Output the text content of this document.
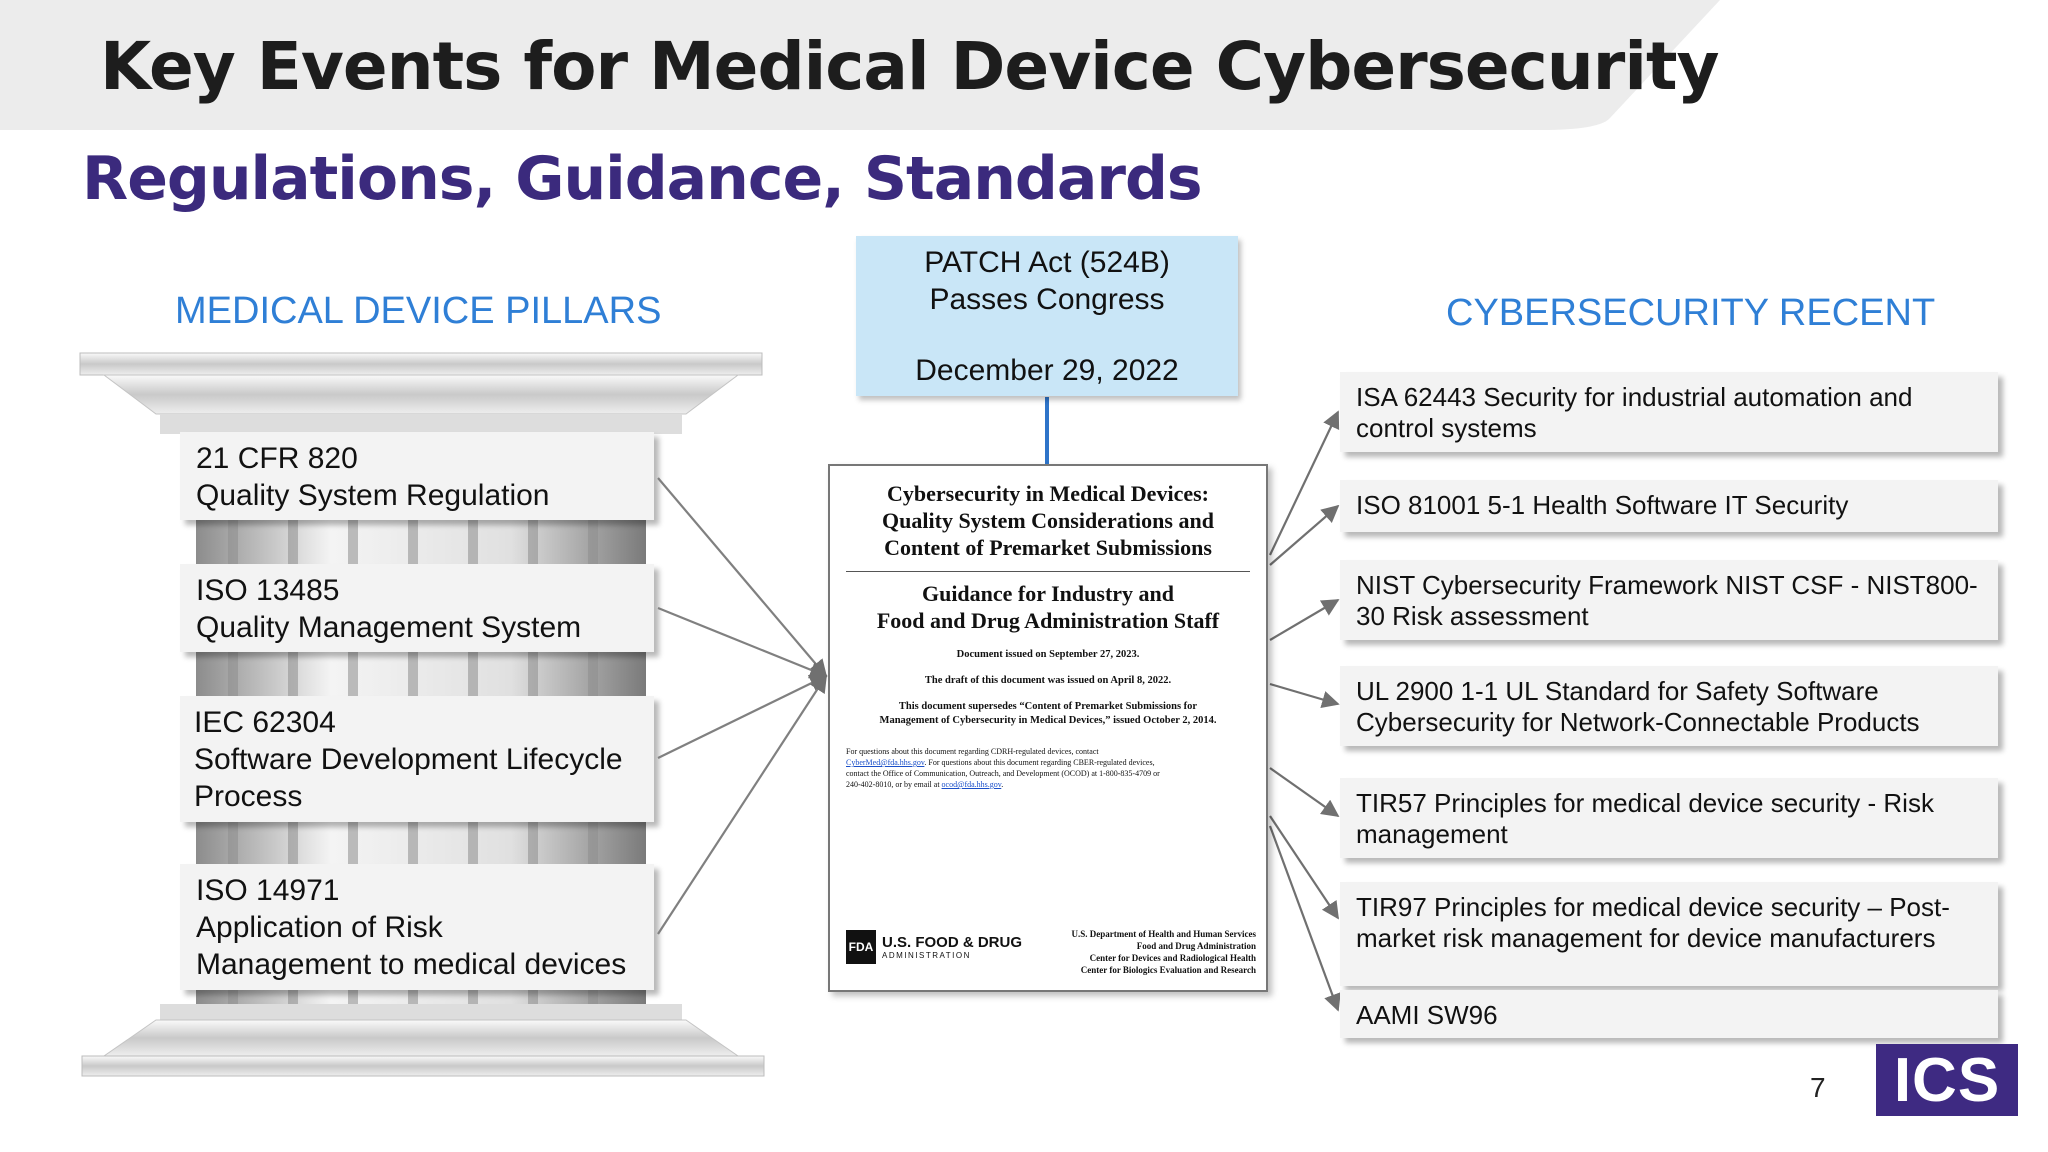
Key Events for Medical Device Cybersecurity
Regulations, Guidance, Standards
MEDICAL DEVICE PILLARS	CYBERSECURITY RECENT
21 CFR 820
Quality System Regulation
ISO 13485
Quality Management System
IEC 62304
Software Development Lifecycle
Process
ISO 14971
Application of Risk
Management to medical devices
PATCH Act (524B)
Passes Congress
December 29, 2022
Cybersecurity in Medical Devices:
Quality System Considerations and
Content of Premarket Submissions
Guidance for Industry and
Food and Drug Administration Staff
Document issued on September 27, 2023.
The draft of this document was issued on April 8, 2022.
This document supersedes “Content of Premarket Submissions for
Management of Cybersecurity in Medical Devices,” issued October 2, 2014.
For questions about this document regarding CDRH-regulated devices, contact
CyberMed@fda.hhs.gov. For questions about this document regarding CBER-regulated devices,
contact the Office of Communication, Outreach, and Development (OCOD) at 1-800-835-4709 or
240-402-8010, or by email at ocod@fda.hhs.gov.
FDA U.S. FOOD & DRUG
ADMINISTRATION
U.S. Department of Health and Human Services
Food and Drug Administration
Center for Devices and Radiological Health
Center for Biologics Evaluation and Research
ISA 62443 Security for industrial automation and control systems
ISO 81001 5-1 Health Software IT Security
NIST Cybersecurity Framework NIST CSF - NIST800-30 Risk assessment
UL 2900 1-1 UL Standard for Safety Software Cybersecurity for Network-Connectable Products
TIR57 Principles for medical device security - Risk management
TIR97 Principles for medical device security – Post-market risk management for device manufacturers
AAMI SW96
7 ICS
